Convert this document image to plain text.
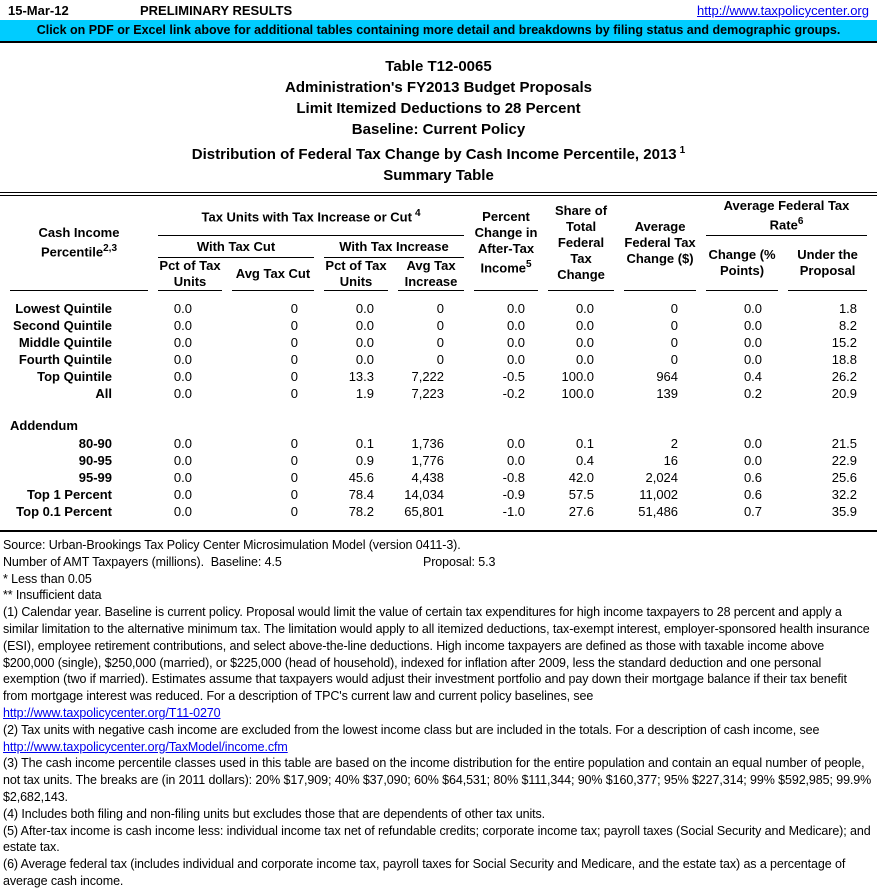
15-Mar-12	PRELIMINARY RESULTS	http://www.taxpolicycenter.org
Click on PDF or Excel link above for additional tables containing more detail and breakdowns by filing status and demographic groups.
Table T12-0065
Administration's FY2013 Budget Proposals
Limit Itemized Deductions to 28 Percent
Baseline: Current Policy
Distribution of Federal Tax Change by Cash Income Percentile, 2013 $^1$
Summary Table
Cash Income Percentile$^{2,3}$	Tax Units with Tax Increase or Cut $^4$				Percent Change in After-Tax Income$^5$	Share of Total Federal Tax Change	Average Federal Tax Change ($)	Average Federal Tax Rate$^6$
	With Tax Cut		With Tax Increase					Change (% Points)	Under the Proposal
	Pct of Tax Units	Avg Tax Cut	Pct of Tax Units	Avg Tax Increase					
Lowest Quintile	0.0	0	0.0	0	0.0	0.0	0	0.0	1.8
Second Quintile	0.0	0	0.0	0	0.0	0.0	0	0.0	8.2
Middle Quintile	0.0	0	0.0	0	0.0	0.0	0	0.0	15.2
Fourth Quintile	0.0	0	0.0	0	0.0	0.0	0	0.0	18.8
Top Quintile	0.0	0	13.3	7,222	-0.5	100.0	964	0.4	26.2
All	0.0	0	1.9	7,223	-0.2	100.0	139	0.2	20.9

Addendum									
80-90	0.0	0	0.1	1,736	0.0	0.1	2	0.0	21.5
90-95	0.0	0	0.9	1,776	0.0	0.4	16	0.0	22.9
95-99	0.0	0	45.6	4,438	-0.8	42.0	2,024	0.6	25.6
Top 1 Percent	0.0	0	78.4	14,034	-0.9	57.5	11,002	0.6	32.2
Top 0.1 Percent	0.0	0	78.2	65,801	-1.0	27.6	51,486	0.7	35.9

Source: Urban-Brookings Tax Policy Center Microsimulation Model (version 0411-3).

Number of AMT Taxpayers (millions).  Baseline: 4.5	Proposal: 5.3

* Less than 0.05

** Insufficient data

(1) Calendar year. Baseline is current policy. Proposal would limit the value of certain tax expenditures for high income taxpayers to 28 percent and apply a similar limitation to the alternative minimum tax. The limitation would apply to all itemized deductions, tax-exempt interest, employer-sponsored health insurance (ESI), employee retirement contributions, and select above-the-line deductions. High income taxpayers are defined as those with taxable income above $200,000 (single), $250,000 (married), or $225,000 (head of household), indexed for inflation after 2009, less the standard deduction and one personal exemption (two if married). Estimates assume that taxpayers would adjust their investment portfolio and pay down their mortgage balance if their tax benefit from mortgage interest was reduced. For a description of TPC's current law and current policy baselines, see

http://www.taxpolicycenter.org/T11-0270

(2) Tax units with negative cash income are excluded from the lowest income class but are included in the totals. For a description of cash income, see

http://www.taxpolicycenter.org/TaxModel/income.cfm

(3) The cash income percentile classes used in this table are based on the income distribution for the entire population and contain an equal number of people, not tax units. The breaks are (in 2011 dollars): 20% $17,909; 40% $37,090; 60% $64,531; 80% $111,344; 90% $160,377; 95% $227,314; 99% $592,985; 99.9% $2,682,143.

(4) Includes both filing and non-filing units but excludes those that are dependents of other tax units.

(5) After-tax income is cash income less: individual income tax net of refundable credits; corporate income tax; payroll taxes (Social Security and Medicare); and estate tax.

(6) Average federal tax (includes individual and corporate income tax, payroll taxes for Social Security and Medicare, and the estate tax) as a percentage of average cash income.
